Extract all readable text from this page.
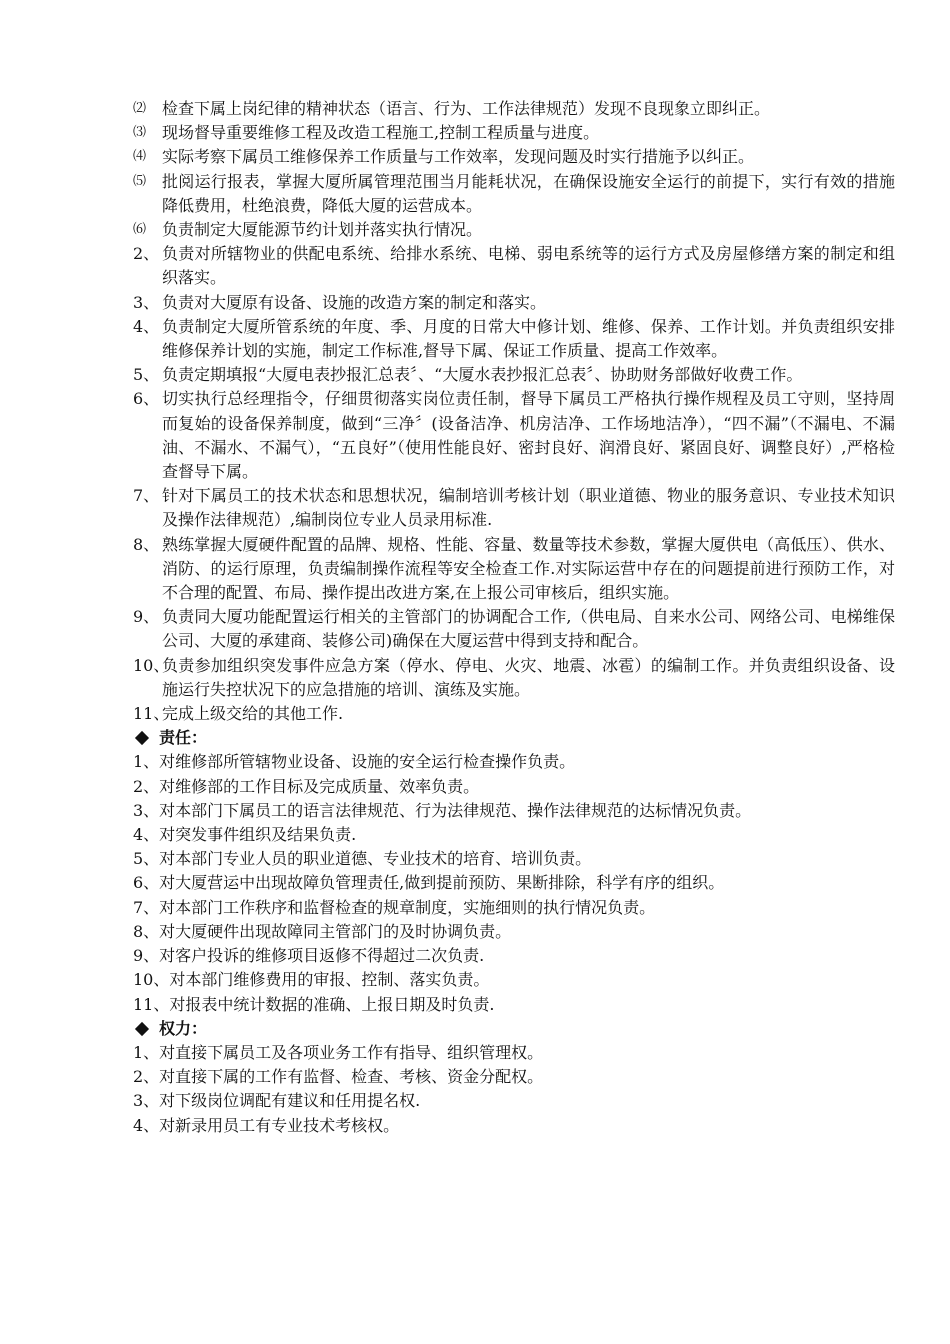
⑵ 检查下属上岗纪律的精神状态（语言、行为、工作法律规范）发现不良现象立即纠正。
⑶ 现场督导重要维修工程及改造工程施工,控制工程质量与进度。
⑷ 实际考察下属员工维修保养工作质量与工作效率，发现问题及时实行措施予以纠正。
⑸ 批阅运行报表，掌握大厦所属管理范围当月能耗状况，在确保设施安全运行的前提下，实行有效的措施降低费用，杜绝浪费，降低大厦的运营成本。
⑹ 负责制定大厦能源节约计划并落实执行情况。
2、 负责对所辖物业的供配电系统、给排水系统、电梯、弱电系统等的运行方式及房屋修缮方案的制定和组织落实。
3、 负责对大厦原有设备、设施的改造方案的制定和落实。
4、 负责制定大厦所管系统的年度、季、月度的日常大中修计划、维修、保养、工作计划。并负责组织安排维修保养计划的实施，制定工作标准,督导下属、保证工作质量、提高工作效率。
5、 负责定期填报“大厦电表抄报汇总表〞、“大厦水表抄报汇总表〞、协助财务部做好收费工作。
6、 切实执行总经理指令，仔细贯彻落实岗位责任制，督导下属员工严格执行操作规程及员工守则，坚持周而复始的设备保养制度，做到“三净〞(设备洁净、机房洁净、工作场地洁净），“四不漏”（不漏电、不漏油、不漏水、不漏气），“五良好”（使用性能良好、密封良好、润滑良好、紧固良好、调整良好）,严格检查督导下属。
7、 针对下属员工的技术状态和思想状况，编制培训考核计划（职业道德、物业的服务意识、专业技术知识及操作法律规范）,编制岗位专业人员录用标准.
8、 熟练掌握大厦硬件配置的品牌、规格、性能、容量、数量等技术参数，掌握大厦供电（高低压）、供水、消防、的运行原理，负责编制操作流程等安全检查工作.对实际运营中存在的问题提前进行预防工作，对不合理的配置、布局、操作提出改进方案,在上报公司审核后，组织实施。
9、 负责同大厦功能配置运行相关的主管部门的协调配合工作,（供电局、自来水公司、网络公司、电梯维保公司、大厦的承建商、装修公司)确保在大厦运营中得到支持和配合。
10、
负责参加组织突发事件应急方案（停水、停电、火灾、地震、冰雹）的编制工作。并负责组织设备、设施运行失控状况下的应急措施的培训、演练及实施。
11、
完成上级交给的其他工作.
责任：
1、对维修部所管辖物业设备、设施的安全运行检查操作负责。
2、对维修部的工作目标及完成质量、效率负责。
3、对本部门下属员工的语言法律规范、行为法律规范、操作法律规范的达标情况负责。
4、对突发事件组织及结果负责.
5、对本部门专业人员的职业道德、专业技术的培育、培训负责。
6、对大厦营运中出现故障负管理责任,做到提前预防、果断排除，科学有序的组织。
7、对本部门工作秩序和监督检查的规章制度，实施细则的执行情况负责。
8、对大厦硬件出现故障同主管部门的及时协调负责。
9、对客户投诉的维修项目返修不得超过二次负责.
10、对本部门维修费用的审报、控制、落实负责。
11、对报表中统计数据的准确、上报日期及时负责.
权力：
1、对直接下属员工及各项业务工作有指导、组织管理权。
2、对直接下属的工作有监督、检查、考核、资金分配权。
3、对下级岗位调配有建议和任用提名权.
4、对新录用员工有专业技术考核权。
